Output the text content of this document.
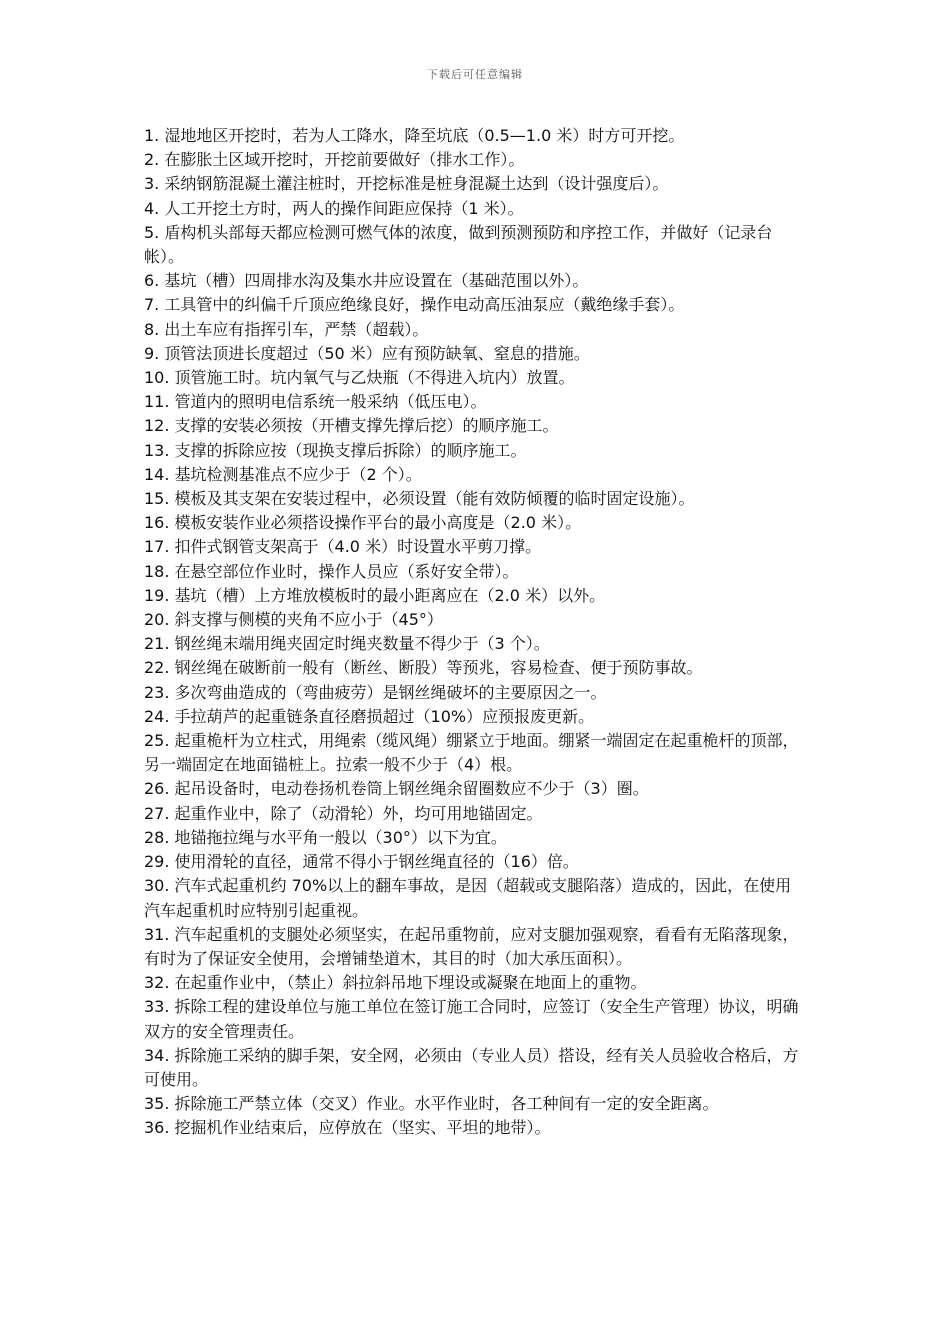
下载后可任意编辑

1. 湿地地区开挖时，若为人工降水，降至坑底（0.5—1.0 米）时方可开挖。

2. 在膨胀土区域开挖时，开挖前要做好（排水工作）。

3. 采纳钢筋混凝土灌注桩时，开挖标准是桩身混凝土达到（设计强度后）。

4. 人工开挖土方时，两人的操作间距应保持（1 米）。

5. 盾构机头部每天都应检测可燃气体的浓度，做到预测预防和序控工作，并做好（记录台帐）。

6. 基坑（槽）四周排水沟及集水井应设置在（基础范围以外）。

7. 工具管中的纠偏千斤顶应绝缘良好，操作电动高压油泵应（戴绝缘手套）。

8. 出土车应有指挥引车，严禁（超载）。

9. 顶管法顶进长度超过（50 米）应有预防缺氧、窒息的措施。

10. 顶管施工时。坑内氧气与乙炔瓶（不得进入坑内）放置。

11. 管道内的照明电信系统一般采纳（低压电）。

12. 支撑的安装必须按（开槽支撑先撑后挖）的顺序施工。

13. 支撑的拆除应按（现换支撑后拆除）的顺序施工。

14. 基坑检测基准点不应少于（2 个）。

15. 模板及其支架在安装过程中，必须设置（能有效防倾覆的临时固定设施）。

16. 模板安装作业必须搭设操作平台的最小高度是（2.0 米）。

17. 扣件式钢管支架高于（4.0 米）时设置水平剪刀撑。

18. 在悬空部位作业时，操作人员应（系好安全带）。

19. 基坑（槽）上方堆放模板时的最小距离应在（2.0 米）以外。

20. 斜支撑与侧模的夹角不应小于（45°）

21. 钢丝绳末端用绳夹固定时绳夹数量不得少于（3 个）。

22. 钢丝绳在破断前一般有（断丝、断股）等预兆，容易检查、便于预防事故。

23. 多次弯曲造成的（弯曲疲劳）是钢丝绳破坏的主要原因之一。

24. 手拉葫芦的起重链条直径磨损超过（10%）应预报废更新。

25. 起重桅杆为立柱式，用绳索（缆风绳）绷紧立于地面。绷紧一端固定在起重桅杆的顶部，另一端固定在地面锚桩上。拉索一般不少于（4）根。

26. 起吊设备时，电动卷扬机卷筒上钢丝绳余留圈数应不少于（3）圈。

27. 起重作业中，除了（动滑轮）外，均可用地锚固定。

28. 地锚拖拉绳与水平角一般以（30°）以下为宜。

29. 使用滑轮的直径，通常不得小于钢丝绳直径的（16）倍。

30. 汽车式起重机约 70%以上的翻车事故，是因（超载或支腿陷落）造成的，因此，在使用汽车起重机时应特别引起重视。

31. 汽车起重机的支腿处必须坚实，在起吊重物前，应对支腿加强观察，看看有无陷落现象，有时为了保证安全使用，会增铺垫道木，其目的时（加大承压面积）。

32. 在起重作业中，（禁止）斜拉斜吊地下埋设或凝聚在地面上的重物。

33. 拆除工程的建设单位与施工单位在签订施工合同时，应签订（安全生产管理）协议，明确双方的安全管理责任。

34. 拆除施工采纳的脚手架，安全网，必须由（专业人员）搭设，经有关人员验收合格后，方可使用。

35. 拆除施工严禁立体（交叉）作业。水平作业时，各工种间有一定的安全距离。

36. 挖掘机作业结束后，应停放在（坚实、平坦的地带）。
